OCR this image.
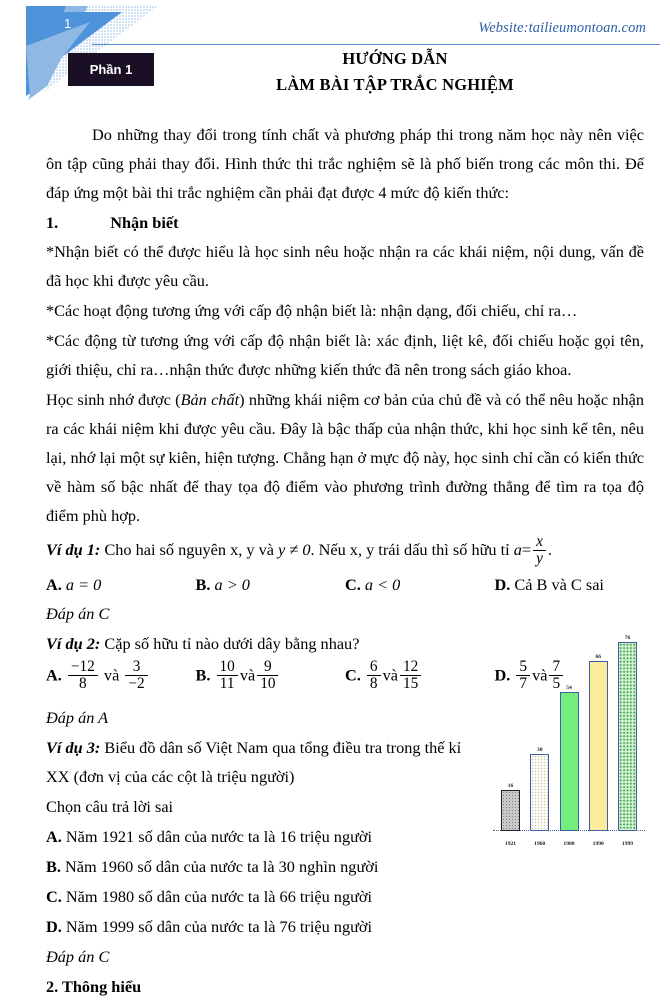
1	Website:tailieumontoan.com
Phần 1
HƯỚNG DẪN
LÀM BÀI TẬP TRẮC NGHIỆM

Do những thay đổi trong tính chất và phương pháp thi trong năm học này nên việc ôn tập cũng phải thay đổi. Hình thức thi trắc nghiệm sẽ là phố biến trong các môn thi. Để đáp ứng một bài thi trắc nghiệm cần phải đạt được 4 mức độ kiến thức:

1.	Nhận biết

*Nhận biết có thể được hiểu là học sinh nêu hoặc nhận ra các khái niệm, nội dung, vấn đề đã học khi được yêu cầu.

*Các hoạt động tương ứng với cấp độ nhận biết là: nhận dạng, đối chiếu, chỉ ra…

*Các động từ tương ứng với cấp độ nhận biết là: xác định, liệt kê, đối chiếu hoặc gọi tên, giới thiệu, chỉ ra…nhận thức được những kiến thức đã nên trong sách giáo khoa.

Học sinh nhớ được (Bản chất) những khái niệm cơ bản của chủ đề và có thể nêu hoặc nhận ra các khái niệm khi được yêu cầu. Đây là bậc thấp của nhận thức, khi học sinh kể tên, nêu lại, nhớ lại một sự kiên, hiện tượng. Chẳng hạn ở mực độ này, học sinh chỉ cần có kiến thức về hàm số bậc nhất để thay tọa độ điểm vào phương trình đường thẳng để tìm ra tọa độ điểm phù hợp.

Ví dụ 1: Cho hai số nguyên x, y và y ≠ 0. Nếu x, y trái dấu thì số hữu tỉ $a= \frac{x}{y}$ .

A. a = 0	B. a > 0	C. a < 0	D. Cả B và C sai

Đáp án C

Ví dụ 2: Cặp số hữu tỉ nào dưới dây bằng nhau?

A. $\frac{-12}{8}$ và $\frac{3}{-2}$	B. $\frac{10}{11}$ và $\frac{9}{10}$	C. $\frac{6}{8}$ và $\frac{12}{15}$	D. $\frac{5}{7}$ và $\frac{7}{5}$

Đáp án A

Ví dụ 3: Biểu đồ dân số Việt Nam qua tổng điều tra trong thế kỉ XX (đơn vị của các cột là triệu người)

Chọn câu trả lời sai

A. Năm 1921 số dân của nước ta là 16 triệu người

B. Năm 1960 số dân của nước ta là 30 nghìn người

C. Năm 1980 số dân của nước ta là 66 triệu người

D. Năm 1999 số dân của nước ta là 76 triệu người

Đáp án C

2. Thông hiểu

16
30
54
66
76
1921	1960	1980	1990	1999
